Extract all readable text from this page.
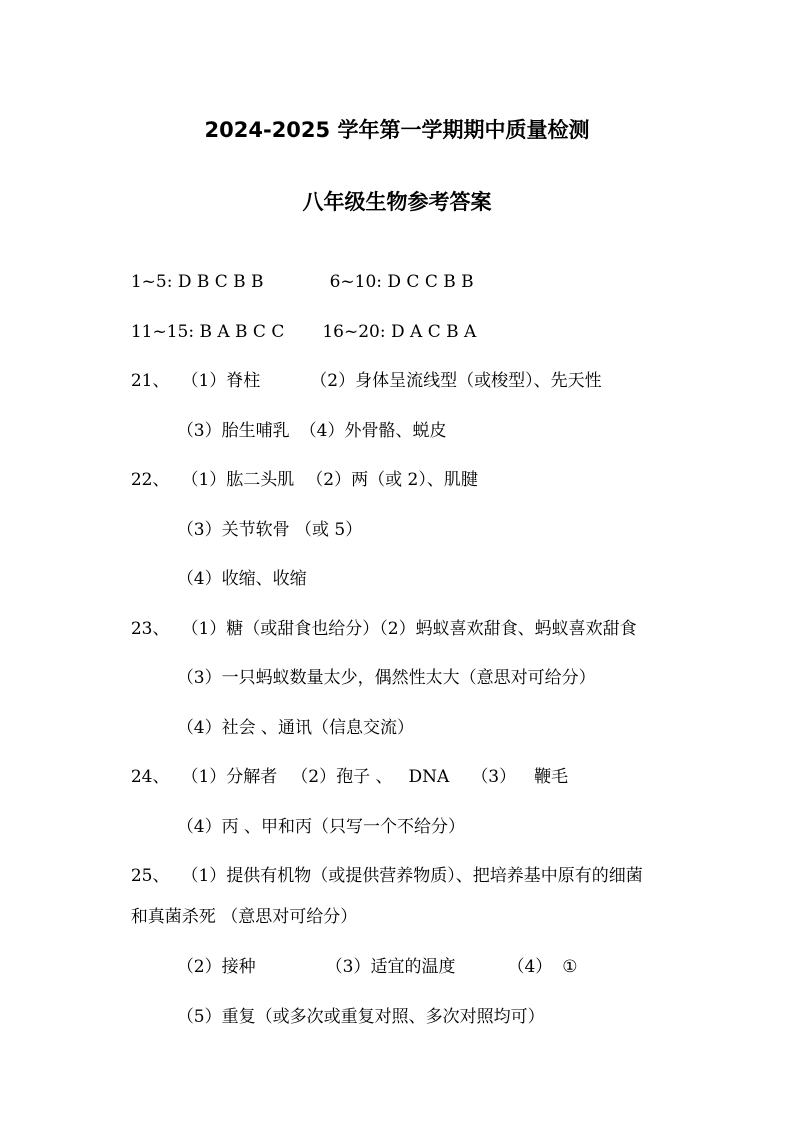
2024-2025 学年第一学期期中质量检测
八年级生物参考答案

1~5: D B C B B	6~10: D C C B B

11~15: B A B C C 16~20: D A C B A

21、 （1）脊柱	（2）身体呈流线型（或梭型）、先天性

（3）胎生哺乳 （4）外骨骼、蜕皮

22、 （1）肱二头肌 （2）两（或 2）、肌腱

（3）关节软骨 （或 5）

（4）收缩、收缩

23、 （1）糖（或甜食也给分）（2）蚂蚁喜欢甜食、蚂蚁喜欢甜食

（3）一只蚂蚁数量太少，偶然性太大（意思对可给分）

（4）社会 、通讯（信息交流）

24、 （1）分解者 （2）孢子 、 DNA （3） 鞭毛

（4）丙 、甲和丙（只写一个不给分）

25、 （1）提供有机物（或提供营养物质）、把培养基中原有的细菌

和真菌杀死 （意思对可给分）

（2）接种	（3）适宜的温度	（4） ①

（5）重复（或多次或重复对照、多次对照均可）
